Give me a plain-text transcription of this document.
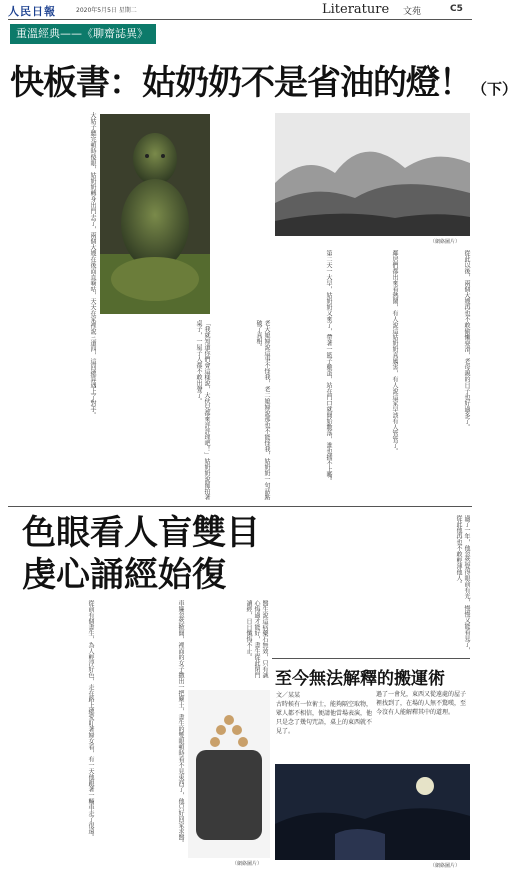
人民日報	2020年5月5日 星期二	Literature 文苑	C5
重溫經典——《聊齋誌異》
快板書：姑奶奶不是省油的燈！（下）
（網絡圖片）
大姑子聽完頓時傻眼，姑奶奶轉身出門去了，兩個大嫂在後面直嘀咕，天天在家裡說三道四，這回總算遇上了對手。	「我就知道你們會這樣說，大伙兒都來評評理吧！」姑奶奶說罷拍著桌子，一屋子人都不敢出聲了。	老大媳婦說這事不怪我，老二媳婦說那也不能怪我，姑奶奶一句話點破了真相。	第二天一大早，姑奶奶又來了，帶著一籃子雞蛋，站在門口就開始數落，誰也插不上嘴。	鄰居們都出來看熱鬧，有人說這姑奶奶真厲害，有人說這家早該有人管管了。	從此以後，兩個大嫂再也不敢偷懶耍滑，老母親的日子也好過多了。
色眼看人盲雙目
虔心誦經始復
從前有個書生，為人輕浮好色，走在路上總愛盯著婦女看，有一天他跟著一輛車走了很遠。	車簾忽然掀開，裡面的女子撒出一把塵土，書生的雙眼頓時看不見東西了，他只好回家求醫。	醫生說這病藥石無效，只有誠心悔過才能好，書生從此閉門讀經，日日懺悔不止。
（網絡圖片）
過了一年，他忽然覺得眼前有光，慢慢又能看見了，從此他再也不敢輕薄他人。
至今無法解釋的搬運術
文／某某
古時候有一位術士，能夠隔空取物，眾人都不相信，便請他當場表演，他只是念了幾句咒語，桌上的東西就不見了。
過了一會兒，東西又從遠處的屋子裡找到了，在場的人無不驚嘆，至今沒有人能解釋其中的道理。
（網絡圖片）
